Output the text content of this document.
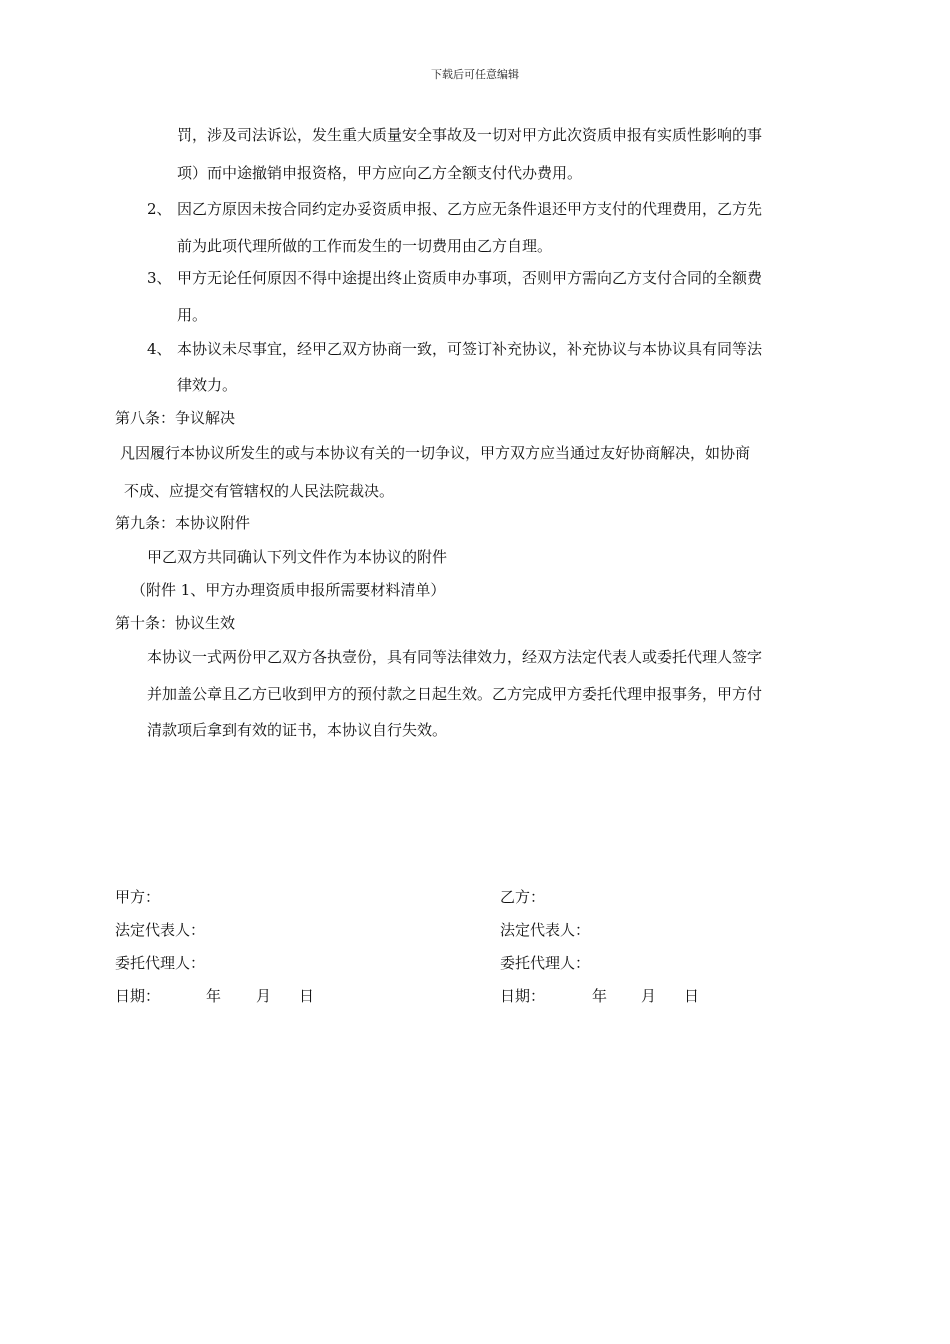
下载后可任意编辑
罚，涉及司法诉讼，发生重大质量安全事故及一切对甲方此次资质申报有实质性影响的事
项）而中途撤销申报资格，甲方应向乙方全额支付代办费用。
2、 因乙方原因未按合同约定办妥资质申报、乙方应无条件退还甲方支付的代理费用，乙方先
前为此项代理所做的工作而发生的一切费用由乙方自理。
3、 甲方无论任何原因不得中途提出终止资质申办事项，否则甲方需向乙方支付合同的全额费
用。
4、 本协议未尽事宜，经甲乙双方协商一致，可签订补充协议，补充协议与本协议具有同等法
律效力。
第八条：争议解决
凡因履行本协议所发生的或与本协议有关的一切争议，甲方双方应当通过友好协商解决，如协商
不成、应提交有管辖权的人民法院裁决。
第九条：本协议附件
甲乙双方共同确认下列文件作为本协议的附件
（附件 1、甲方办理资质申报所需要材料清单）
第十条：协议生效
本协议一式两份甲乙双方各执壹份，具有同等法律效力，经双方法定代表人或委托代理人签字
并加盖公章且乙方已收到甲方的预付款之日起生效。乙方完成甲方委托代理申报事务，甲方付
清款项后拿到有效的证书，本协议自行失效。
甲方：	乙方：
法定代表人：	法定代表人：
委托代理人：	委托代理人：
日期：	年 月 日	日期：	年 月 日
